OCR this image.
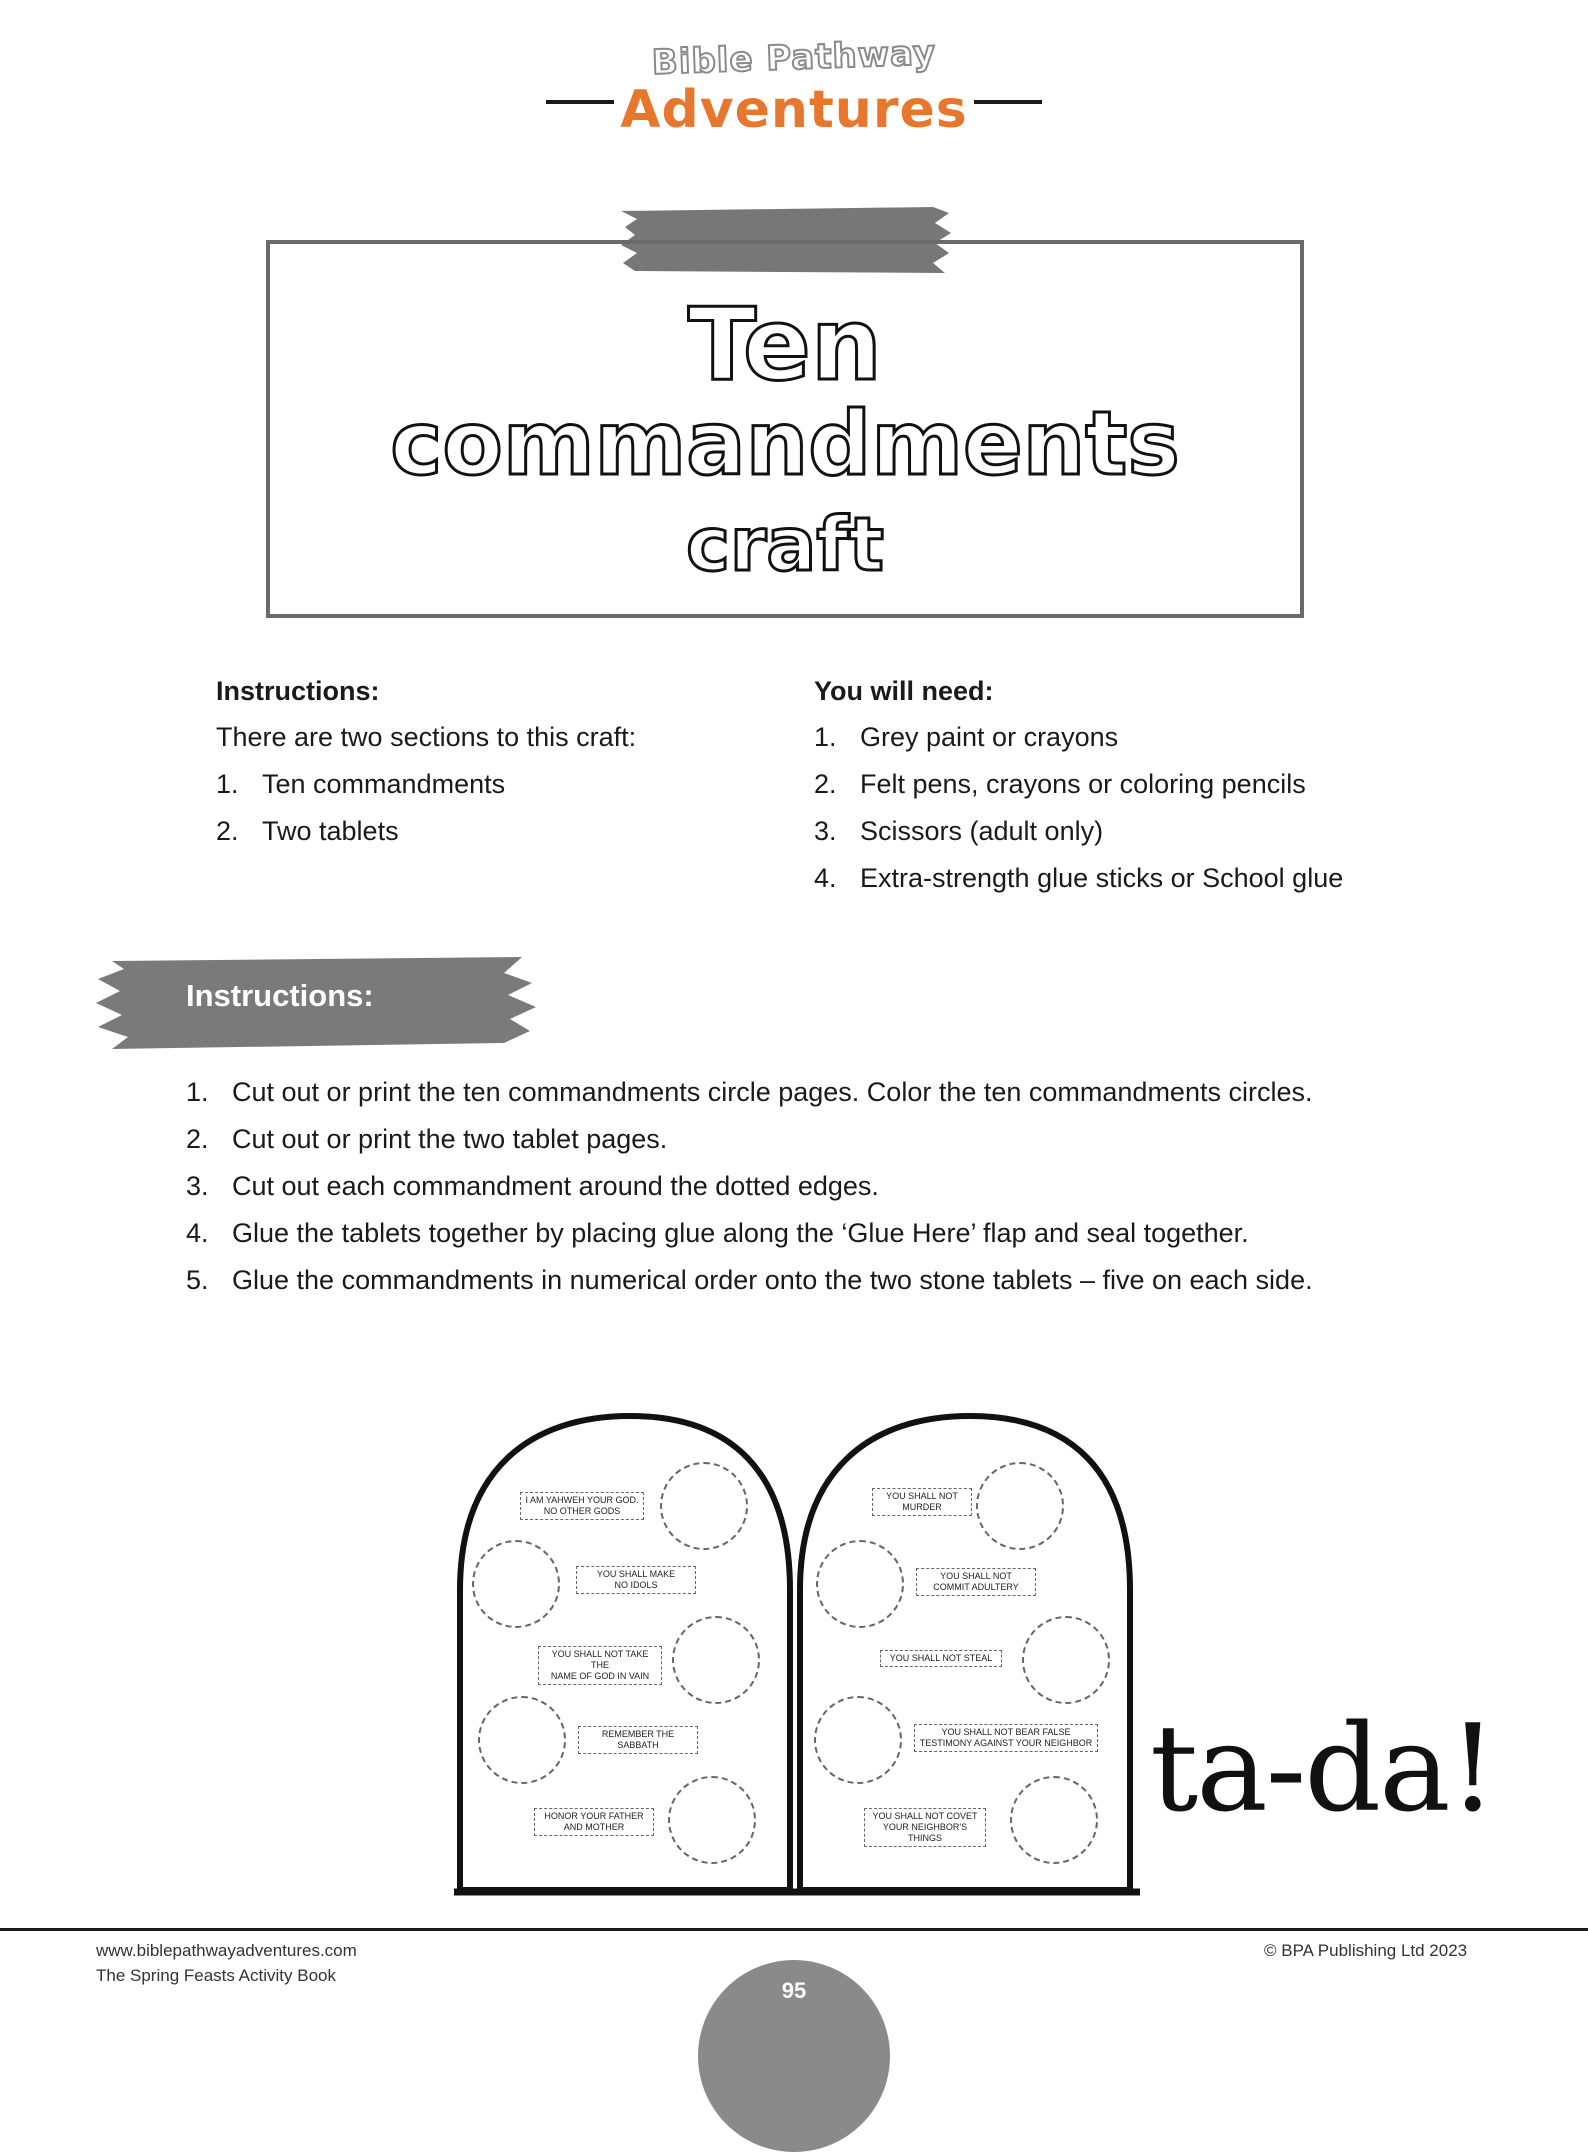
Bible Pathway
Adventures
Ten
commandments
craft
Instructions:
There are two sections to this craft:
1. Ten commandments
2. Two tablets
You will need:
1. Grey paint or crayons
2. Felt pens, crayons or coloring pencils
3. Scissors (adult only)
4. Extra-strength glue sticks or School glue
Instructions:
1. Cut out or print the ten commandments circle pages. Color the ten commandments circles.
2. Cut out or print the two tablet pages.
3. Cut out each commandment around the dotted edges.
4. Glue the tablets together by placing glue along the ‘Glue Here’ flap and seal together.
5. Glue the commandments in numerical order onto the two stone tablets – five on each side.
I AM YAHWEH YOUR GOD.
NO OTHER GODS
YOU SHALL MAKE
NO IDOLS
YOU SHALL NOT TAKE THE
NAME OF GOD IN VAIN
REMEMBER THE SABBATH
HONOR YOUR FATHER
AND MOTHER
YOU SHALL NOT
MURDER
YOU SHALL NOT
COMMIT ADULTERY
YOU SHALL NOT STEAL
YOU SHALL NOT BEAR FALSE
TESTIMONY AGAINST YOUR NEIGHBOR
YOU SHALL NOT COVET
YOUR NEIGHBOR'S THINGS	ta-da!
www.biblepathwayadventures.com
The Spring Feasts Activity Book
© BPA Publishing Ltd 2023
95
